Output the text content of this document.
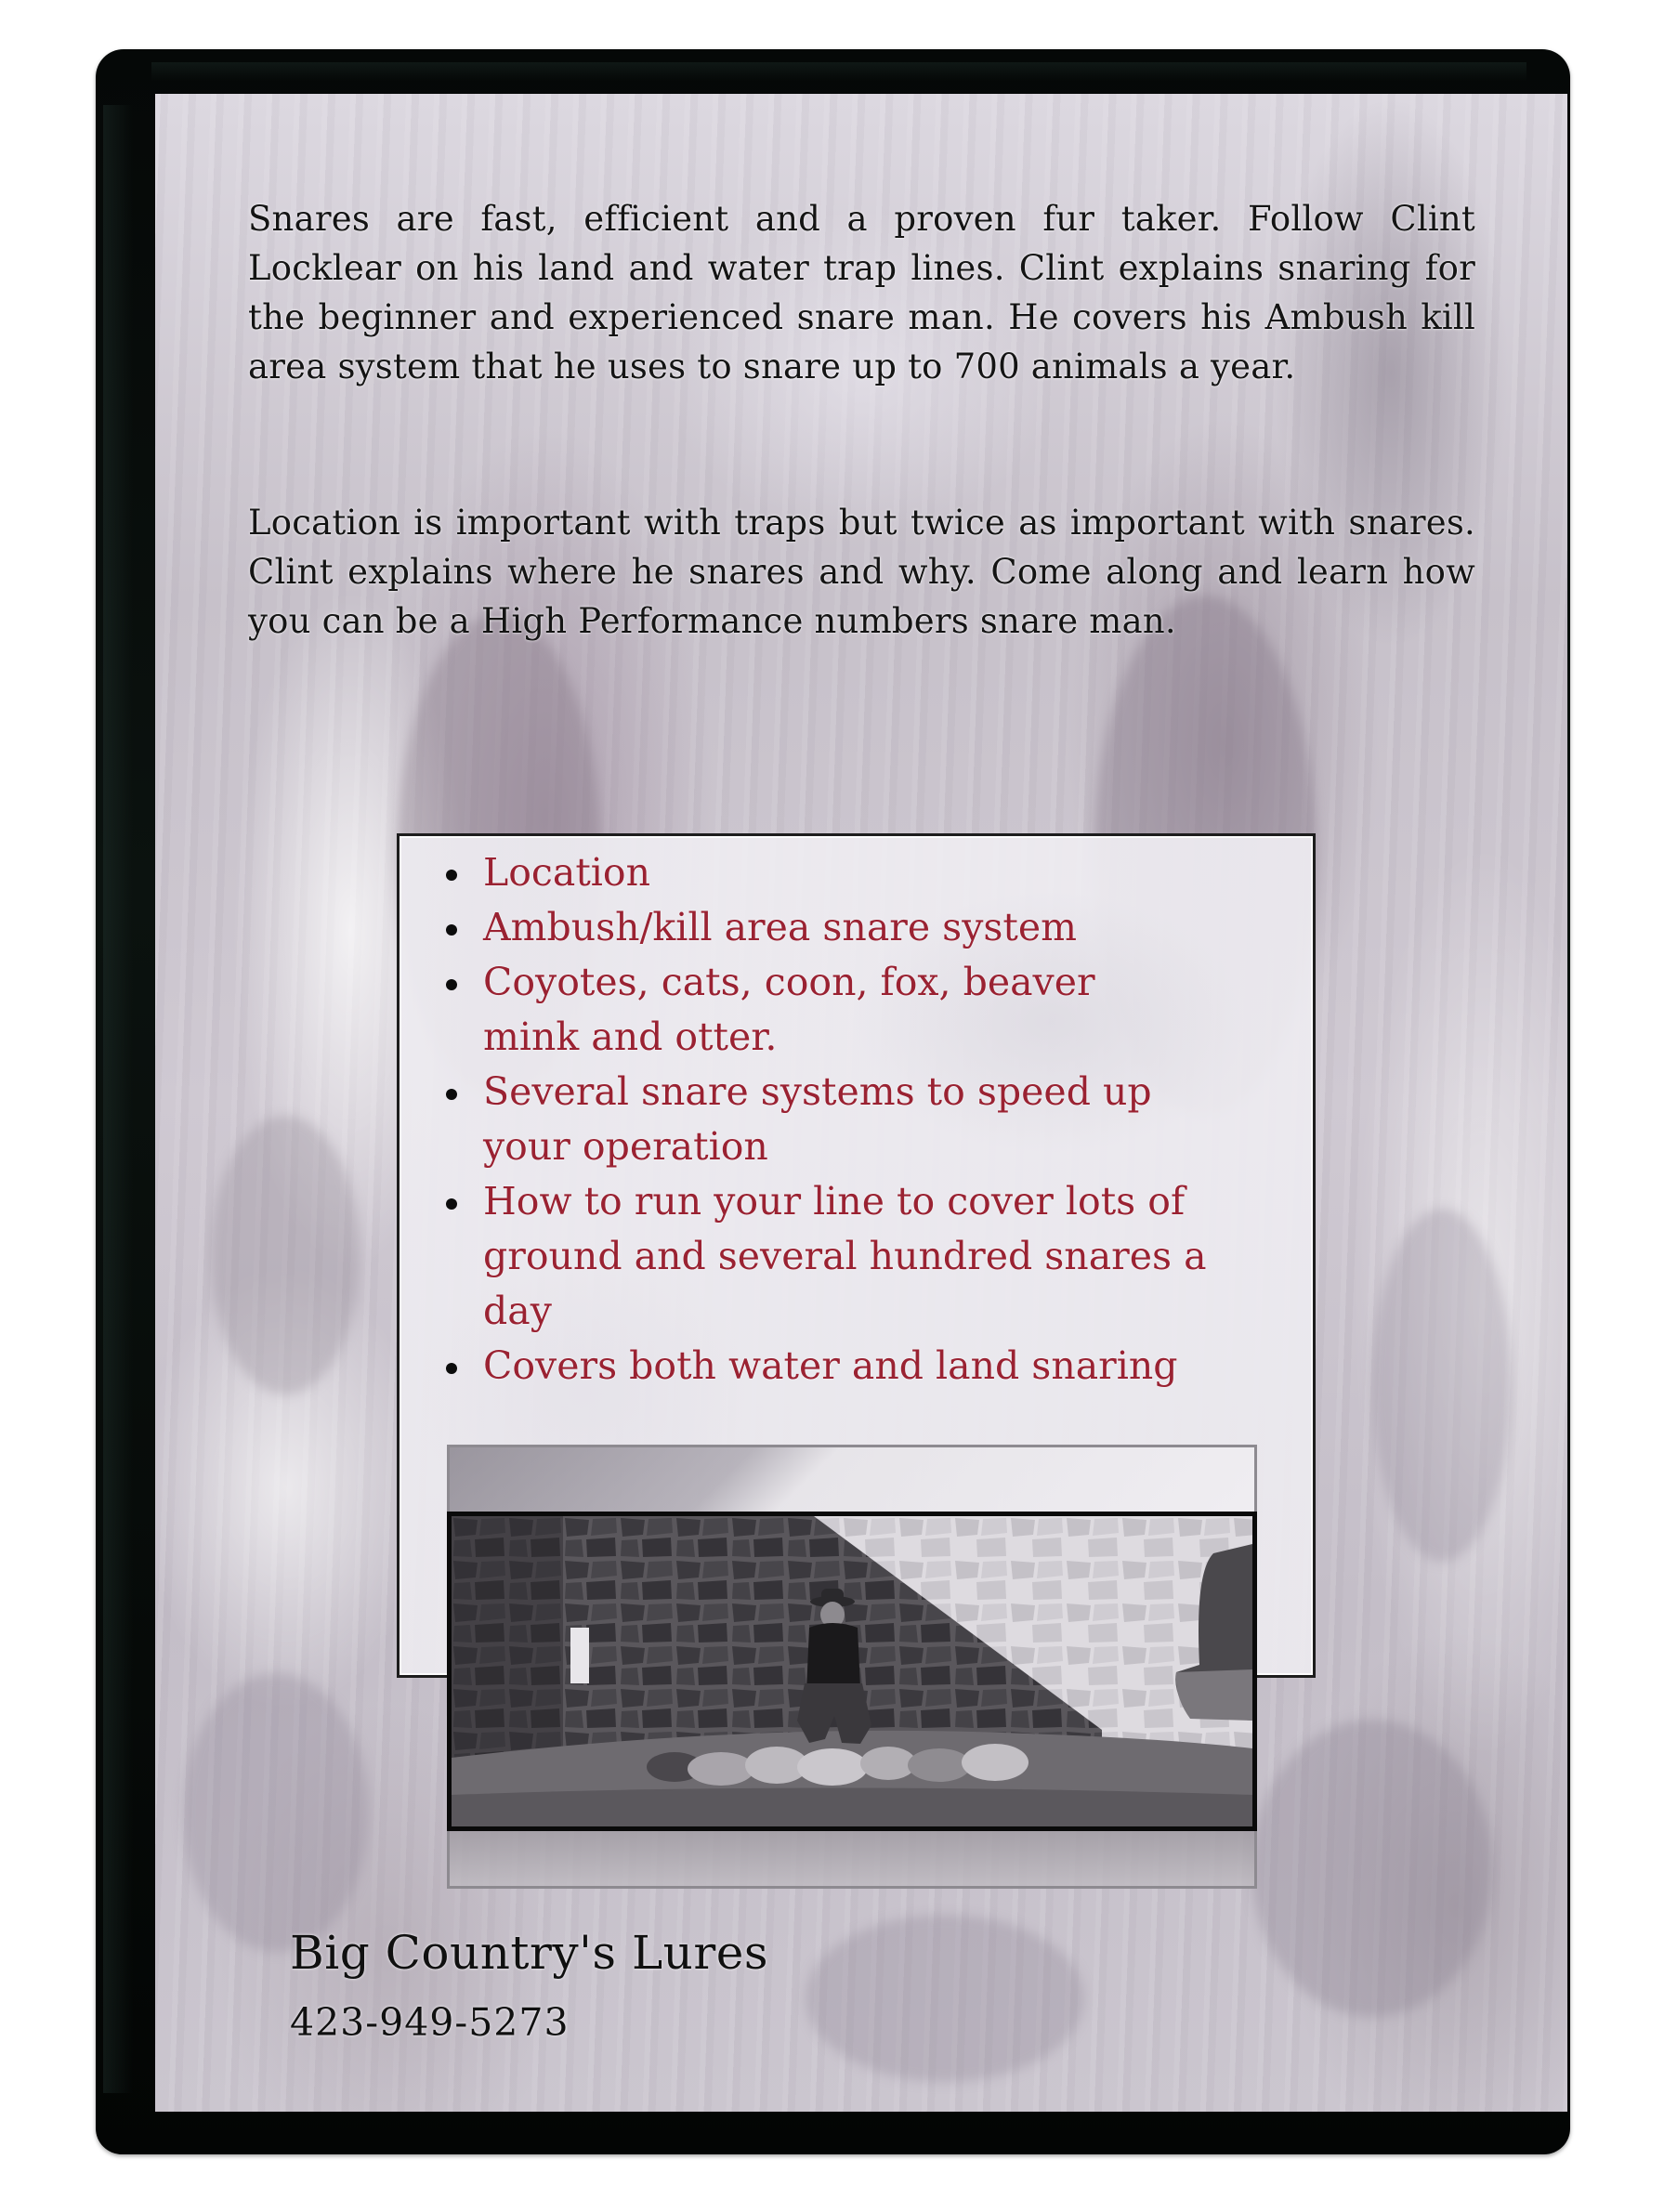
Snares are fast, efficient and a proven fur taker. Follow Clint Locklear on his land and water trap lines. Clint explains snaring for the beginner and experienced snare man. He covers his Ambush kill area system that he uses to snare up to 700 animals a year.
Location is important with traps but twice as important with snares. Clint explains where he snares and why. Come along and learn how you can be a High Performance numbers snare man.
Location
Ambush/kill area snare system
Coyotes, cats, coon, fox, beaver mink and otter.
Several snare systems to speed up your operation
How to run your line to cover lots of ground and several hundred snares a day
Covers both water and land snaring
Big Country's Lures
423-949-5273
